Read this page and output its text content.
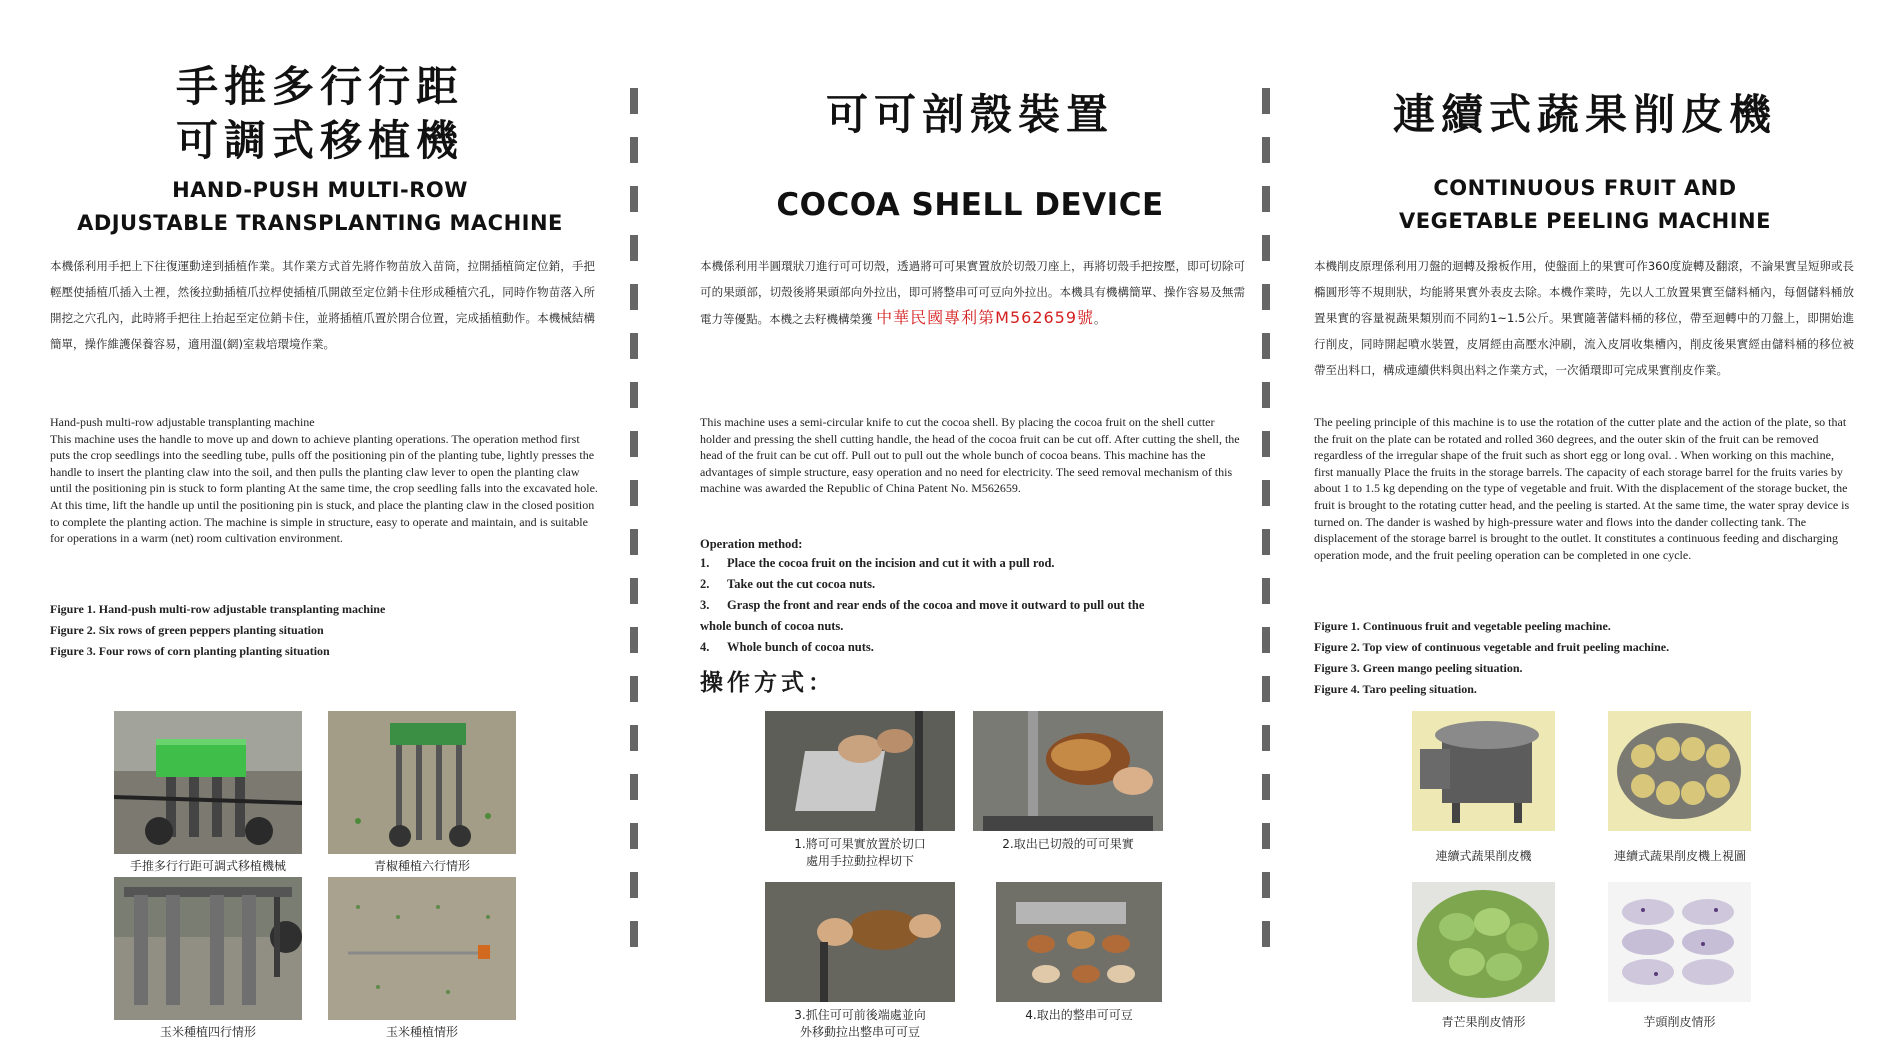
手推多行行距
可調式移植機
HAND-PUSH MULTI-ROW
ADJUSTABLE TRANSPLANTING MACHINE

本機係利用手把上下往復運動達到插植作業。其作業方式首先將作物苗放入苗筒，拉開插植筒定位銷，手把輕壓使插植爪插入土裡，然後拉動插植爪拉桿使插植爪開啟至定位銷卡住形成種植穴孔，同時作物苗落入所開挖之穴孔內，此時將手把往上抬起至定位銷卡住，並將插植爪置於閉合位置，完成插植動作。本機械結構簡單，操作維護保養容易，適用溫(網)室栽培環境作業。

Hand-push multi-row adjustable transplanting machine

This machine uses the handle to move up and down to achieve planting operations. The operation method first puts the crop seedlings into the seedling tube, pulls off the positioning pin of the planting tube, lightly presses the handle to insert the planting claw into the soil, and then pulls the planting claw lever to open the planting claw until the positioning pin is stuck to form planting At the same time, the crop seedling falls into the excavated hole. At this time, lift the handle up until the positioning pin is stuck, and place the planting claw in the closed position to complete the planting action. The machine is simple in structure, easy to operate and maintain, and is suitable for operations in a warm (net) room cultivation environment.

Figure 1. Hand-push multi-row adjustable transplanting machine
Figure 2. Six rows of green peppers planting situation
Figure 3. Four rows of corn planting planting situation
手推多行行距可調式移植機械	青椒種植六行情形
玉米種植四行情形	玉米種植情形
可可剖殼裝置
COCOA SHELL DEVICE

本機係利用半圓環狀刀進行可可切殼，透過將可可果實置放於切殼刀座上，再將切殼手把按壓，即可切除可可的果頭部，切殼後將果頭部向外拉出，即可將整串可可豆向外拉出。本機具有機構簡單、操作容易及無需電力等優點。本機之去籽機構榮獲 中華民國專利第M562659號。

This machine uses a semi-circular knife to cut the cocoa shell. By placing the cocoa fruit on the shell cutter holder and pressing the shell cutting handle, the head of the cocoa fruit can be cut off. After cutting the shell, the head of the fruit can be cut off. Pull out to pull out the whole bunch of cocoa beans. This machine has the advantages of simple structure, easy operation and no need for electricity. The seed removal mechanism of this machine was awarded the Republic of China Patent No. M562659.

Operation method:

1. Place the cocoa fruit on the incision and cut it with a pull rod.
2. Take out the cut cocoa nuts.
3. Grasp the front and rear ends of the cocoa and move it outward to pull out the
whole bunch of cocoa nuts.
4. Whole bunch of cocoa nuts.
操作方式：
1.將可可果實放置於切口
處用手拉動拉桿切下
2.取出已切殼的可可果實
3.抓住可可前後端處並向
外移動拉出整串可可豆
4.取出的整串可可豆
連續式蔬果削皮機
CONTINUOUS FRUIT AND
VEGETABLE PEELING MACHINE

本機削皮原理係利用刀盤的迴轉及撥板作用，使盤面上的果實可作360度旋轉及翻滾，不論果實呈短卵或長橢圓形等不規則狀，均能將果實外表皮去除。本機作業時，先以人工放置果實至儲料桶內，每個儲料桶放置果實的容量視蔬果類別而不同約1~1.5公斤。果實隨著儲料桶的移位，帶至迴轉中的刀盤上，即開始進行削皮，同時開起噴水裝置，皮屑經由高壓水沖刷，流入皮屑收集槽內，削皮後果實經由儲料桶的移位被帶至出料口，構成連續供料與出料之作業方式，一次循環即可完成果實削皮作業。

The peeling principle of this machine is to use the rotation of the cutter plate and the action of the plate, so that the fruit on the plate can be rotated and rolled 360 degrees, and the outer skin of the fruit can be removed regardless of the irregular shape of the fruit such as short egg or long oval. . When working on this machine, first manually Place the fruits in the storage barrels. The capacity of each storage barrel for the fruits varies by about 1 to 1.5 kg depending on the type of vegetable and fruit. With the displacement of the storage bucket, the fruit is brought to the rotating cutter head, and the peeling is started. At the same time, the water spray device is turned on. The dander is washed by high-pressure water and flows into the dander collecting tank. The displacement of the storage barrel is brought to the outlet. It constitutes a continuous feeding and discharging operation mode, and the fruit peeling operation can be completed in one cycle.

Figure 1. Continuous fruit and vegetable peeling machine.
Figure 2. Top view of continuous vegetable and fruit peeling machine.
Figure 3. Green mango peeling situation.
Figure 4. Taro peeling situation.
連續式蔬果削皮機	連續式蔬果削皮機上視圖
青芒果削皮情形	芋頭削皮情形
